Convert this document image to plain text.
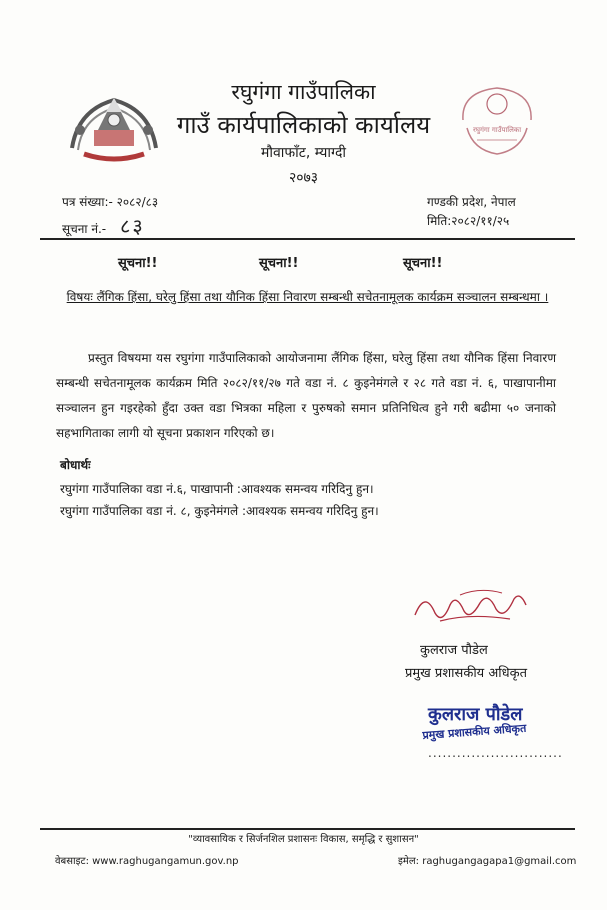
रघुगंगा गाउँपालिका
रघुगंगा गाउँपालिका
गाउँ कार्यपालिकाको कार्यालय
मौवाफाँट, म्याग्दी
२०७३
पत्र संख्या:- २०८२/८३
सूचना नं.- ८३
गण्डकी प्रदेश, नेपाल
मिति:२०८२/११/२५
सूचना!!	सूचना!!	सूचना!!
विषयः लैंगिक हिंसा, घरेलु हिंसा तथा यौनिक हिंसा निवारण सम्बन्धी सचेतनामूलक कार्यक्रम सञ्चालन सम्बन्धमा ।
प्रस्तुत विषयमा यस रघुगंगा गाउँपालिकाको आयोजनामा लैंगिक हिंसा, घरेलु हिंसा तथा यौनिक हिंसा निवारण सम्बन्धी सचेतनामूलक कार्यक्रम मिति २०८२/११/२७ गते वडा नं. ८ कुइनेमंगले र २८ गते वडा नं. ६, पाखापानीमा सञ्चालन हुन गइरहेको हुँदा उक्त वडा भित्रका महिला र पुरुषको समान प्रतिनिधित्व हुने गरी बढीमा ५० जनाको सहभागिताका लागी यो सूचना प्रकाशन गरिएको छ।
बोधार्थः
रघुगंगा गाउँपालिका वडा नं.६, पाखापानी :आवश्यक समन्वय गरिदिनु हुन।
रघुगंगा गाउँपालिका वडा नं. ८, कुइनेमंगले :आवश्यक समन्वय गरिदिनु हुन।
कुलराज पौडेल
प्रमुख प्रशासकीय अधिकृत
कुलराज पौडेल
प्रमुख प्रशासकीय अधिकृत
............................
"व्यावसायिक र सिर्जनशिल प्रशासनः विकास, समृद्धि र सुशासन"
वेबसाइट: www.raghugangamun.gov.np	इमेल: raghugangagapa1@gmail.com
